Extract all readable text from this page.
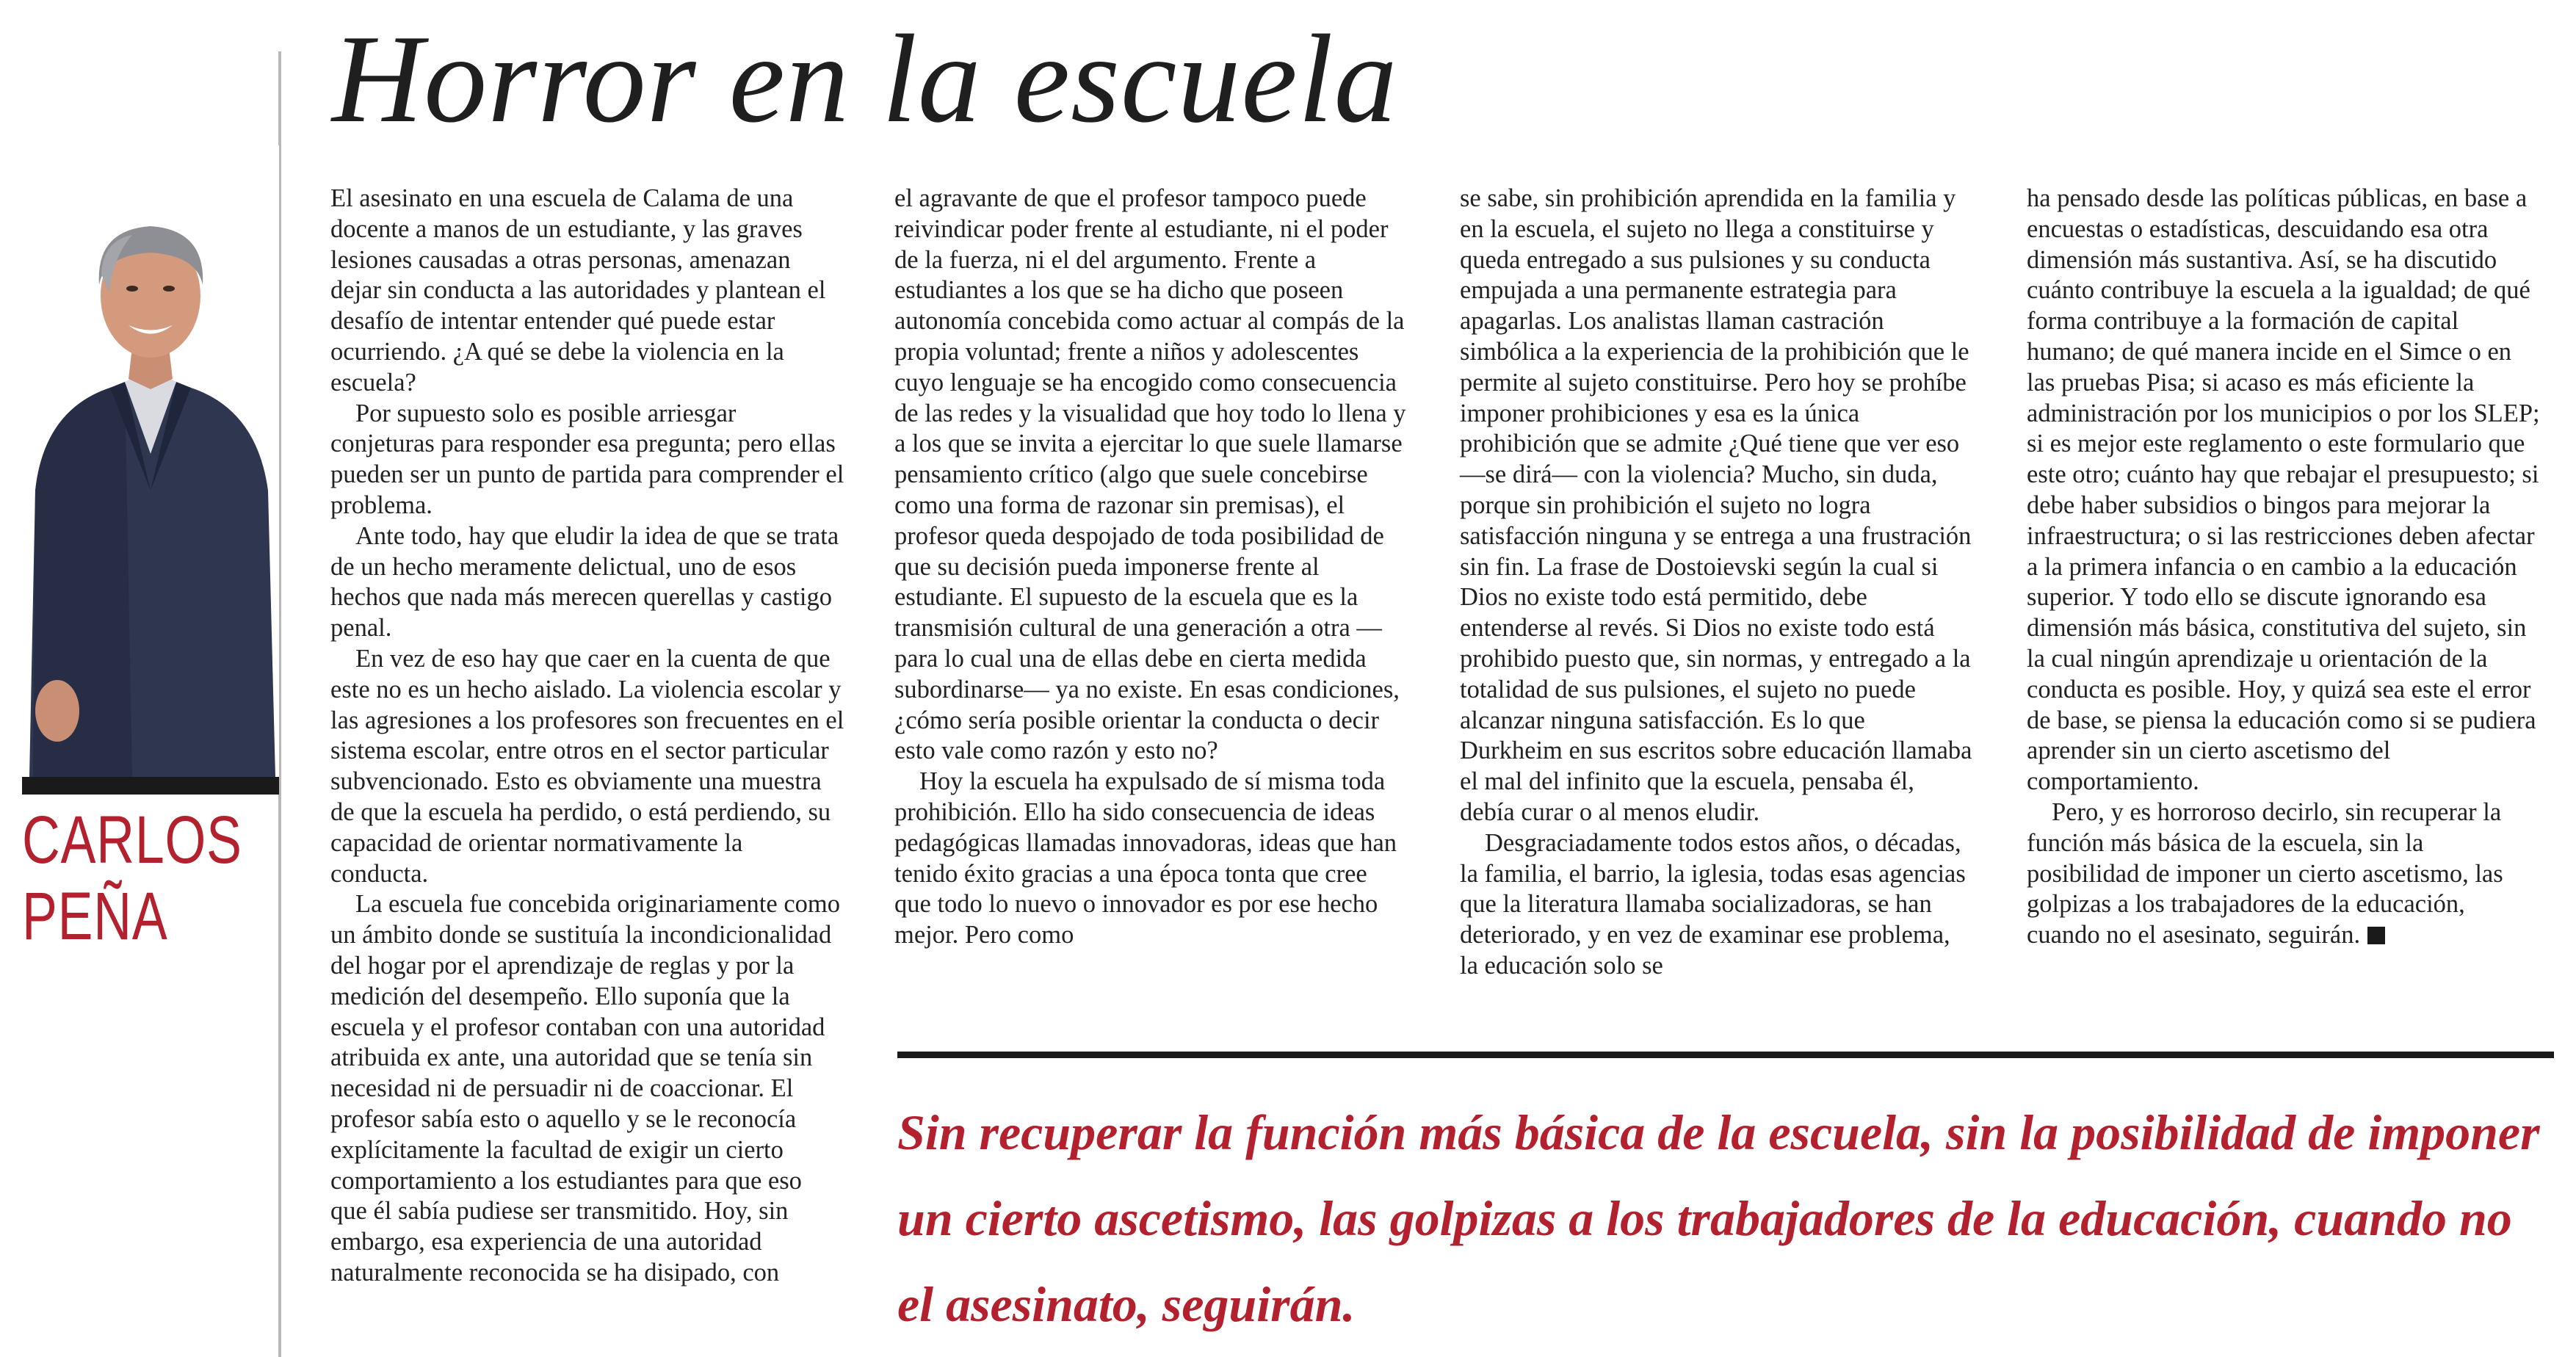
Horror en la escuela
CARLOS
PEÑA

El asesinato en una escuela de Calama de una docente a manos de un estudiante, y las graves lesiones causadas a otras personas, amenazan dejar sin conducta a las autoridades y plantean el desafío de intentar entender qué puede estar ocurriendo. ¿A qué se debe la violencia en la escuela?

Por supuesto solo es posible arriesgar conjeturas para responder esa pregunta; pero ellas pueden ser un punto de partida para comprender el problema.

Ante todo, hay que eludir la idea de que se trata de un hecho meramente delictual, uno de esos hechos que nada más merecen querellas y castigo penal.

En vez de eso hay que caer en la cuenta de que este no es un hecho aislado. La violencia escolar y las agresiones a los profesores son frecuentes en el sistema escolar, entre otros en el sector particular subvencionado. Esto es obviamente una muestra de que la escuela ha perdido, o está perdiendo, su capacidad de orientar normativamente la conducta.

La escuela fue concebida originariamente como un ámbito donde se sustituía la incondicionalidad del hogar por el aprendizaje de reglas y por la medición del desempeño. Ello suponía que la escuela y el profesor contaban con una autoridad atribuida ex ante, una autoridad que se tenía sin necesidad ni de persuadir ni de coaccionar. El profesor sabía esto o aquello y se le reconocía explícitamente la facultad de exigir un cierto comportamiento a los estudiantes para que eso que él sabía pudiese ser transmitido. Hoy, sin embargo, esa experiencia de una autoridad naturalmente reconocida se ha disipado, con

el agravante de que el profesor tampoco puede reivindicar poder frente al estudiante, ni el poder de la fuerza, ni el del argumento. Frente a estudiantes a los que se ha dicho que poseen autonomía concebida como actuar al compás de la propia voluntad; frente a niños y adolescentes cuyo lenguaje se ha encogido como consecuencia de las redes y la visualidad que hoy todo lo llena y a los que se invita a ejercitar lo que suele llamarse pensamiento crítico (algo que suele concebirse como una forma de razonar sin premisas), el profesor queda despojado de toda posibilidad de que su decisión pueda imponerse frente al estudiante. El supuesto de la escuela que es la transmisión cultural de una generación a otra —para lo cual una de ellas debe en cierta medida subordinarse— ya no existe. En esas condiciones, ¿cómo sería posible orientar la conducta o decir esto vale como razón y esto no?

Hoy la escuela ha expulsado de sí misma toda prohibición. Ello ha sido consecuencia de ideas pedagógicas llamadas innovadoras, ideas que han tenido éxito gracias a una época tonta que cree que todo lo nuevo o innovador es por ese hecho mejor. Pero como

se sabe, sin prohibición aprendida en la familia y en la escuela, el sujeto no llega a constituirse y queda entregado a sus pulsiones y su conducta empujada a una permanente estrategia para apagarlas. Los analistas llaman castración simbólica a la experiencia de la prohibición que le permite al sujeto constituirse. Pero hoy se prohíbe imponer prohibiciones y esa es la única prohibición que se admite ¿Qué tiene que ver eso —se dirá— con la violencia? Mucho, sin duda, porque sin prohibición el sujeto no logra satisfacción ninguna y se entrega a una frustración sin fin. La frase de Dostoievski según la cual si Dios no existe todo está permitido, debe entenderse al revés. Si Dios no existe todo está prohibido puesto que, sin normas, y entregado a la totalidad de sus pulsiones, el sujeto no puede alcanzar ninguna satisfacción. Es lo que Durkheim en sus escritos sobre educación llamaba el mal del infinito que la escuela, pensaba él, debía curar o al menos eludir.

Desgraciadamente todos estos años, o décadas, la familia, el barrio, la iglesia, todas esas agencias que la literatura llamaba socializadoras, se han deteriorado, y en vez de examinar ese problema, la educación solo se

ha pensado desde las políticas públicas, en base a encuestas o estadísticas, descuidando esa otra dimensión más sustantiva. Así, se ha discutido cuánto contribuye la escuela a la igualdad; de qué forma contribuye a la formación de capital humano; de qué manera incide en el Simce o en las pruebas Pisa; si acaso es más eficiente la administración por los municipios o por los SLEP; si es mejor este reglamento o este formulario que este otro; cuánto hay que rebajar el presupuesto; si debe haber subsidios o bingos para mejorar la infraestructura; o si las restricciones deben afectar a la primera infancia o en cambio a la educación superior. Y todo ello se discute ignorando esa dimensión más básica, constitutiva del sujeto, sin la cual ningún aprendizaje u orientación de la conducta es posible. Hoy, y quizá sea este el error de base, se piensa la educación como si se pudiera aprender sin un cierto ascetismo del comportamiento.

Pero, y es horroroso decirlo, sin recuperar la función más básica de la escuela, sin la posibilidad de imponer un cierto ascetismo, las golpizas a los trabajadores de la educación, cuando no el asesinato, seguirán.

Sin recuperar la función más básica de la escuela, sin la posibilidad de imponer un cierto ascetismo, las golpizas a los trabajadores de la educación, cuando no el asesinato, seguirán.
